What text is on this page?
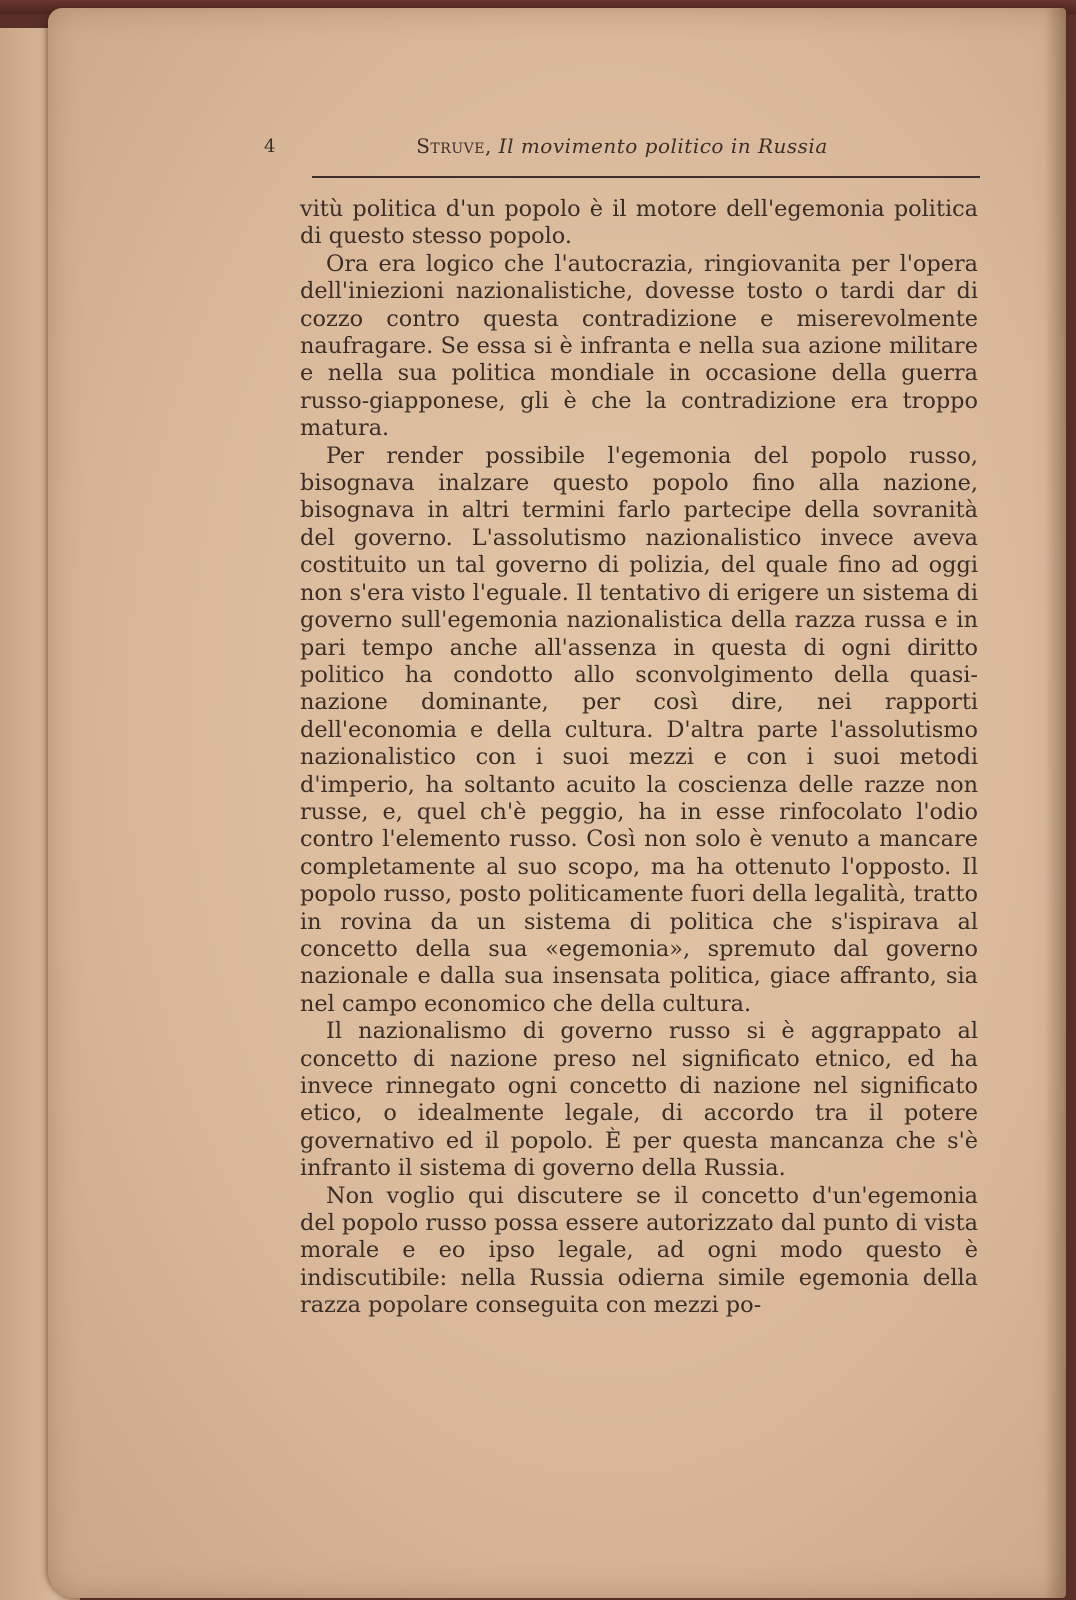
4	Struve, Il movimento politico in Russia

vitù politica d'un popolo è il motore dell'egemonia politica di questo stesso popolo.

Ora era logico che l'autocrazia, ringiovanita per l'opera dell'iniezioni nazionalistiche, dovesse tosto o tardi dar di cozzo contro questa contradizione e miserevolmente naufragare. Se essa si è infranta e nella sua azione militare e nella sua politica mondiale in occasione della guerra russo-giapponese, gli è che la contradizione era troppo matura.

Per render possibile l'egemonia del popolo russo, bisognava inalzare questo popolo fino alla nazione, bisognava in altri termini farlo partecipe della sovranità del governo. L'assolutismo nazionalistico invece aveva costituito un tal governo di polizia, del quale fino ad oggi non s'era visto l'eguale. Il tentativo di erigere un sistema di governo sull'egemonia nazionalistica della razza russa e in pari tempo anche all'assenza in questa di ogni diritto politico ha condotto allo sconvolgimento della quasi-nazione dominante, per così dire, nei rapporti dell'economia e della cultura. D'altra parte l'assolutismo nazionalistico con i suoi mezzi e con i suoi metodi d'imperio, ha soltanto acuito la coscienza delle razze non russe, e, quel ch'è peggio, ha in esse rinfocolato l'odio contro l'elemento russo. Così non solo è venuto a mancare completamente al suo scopo, ma ha ottenuto l'opposto. Il popolo russo, posto politicamente fuori della legalità, tratto in rovina da un sistema di politica che s'ispirava al concetto della sua «egemonia», spremuto dal governo nazionale e dalla sua insensata politica, giace affranto, sia nel campo economico che della cultura.

Il nazionalismo di governo russo si è aggrappato al concetto di nazione preso nel significato etnico, ed ha invece rinnegato ogni concetto di nazione nel significato etico, o idealmente legale, di accordo tra il potere governativo ed il popolo. È per questa mancanza che s'è infranto il sistema di governo della Russia.

Non voglio qui discutere se il concetto d'un'egemonia del popolo russo possa essere autorizzato dal punto di vista morale e eo ipso legale, ad ogni modo questo è indiscutibile: nella Russia odierna simile egemonia della razza popolare conseguita con mezzi po-
